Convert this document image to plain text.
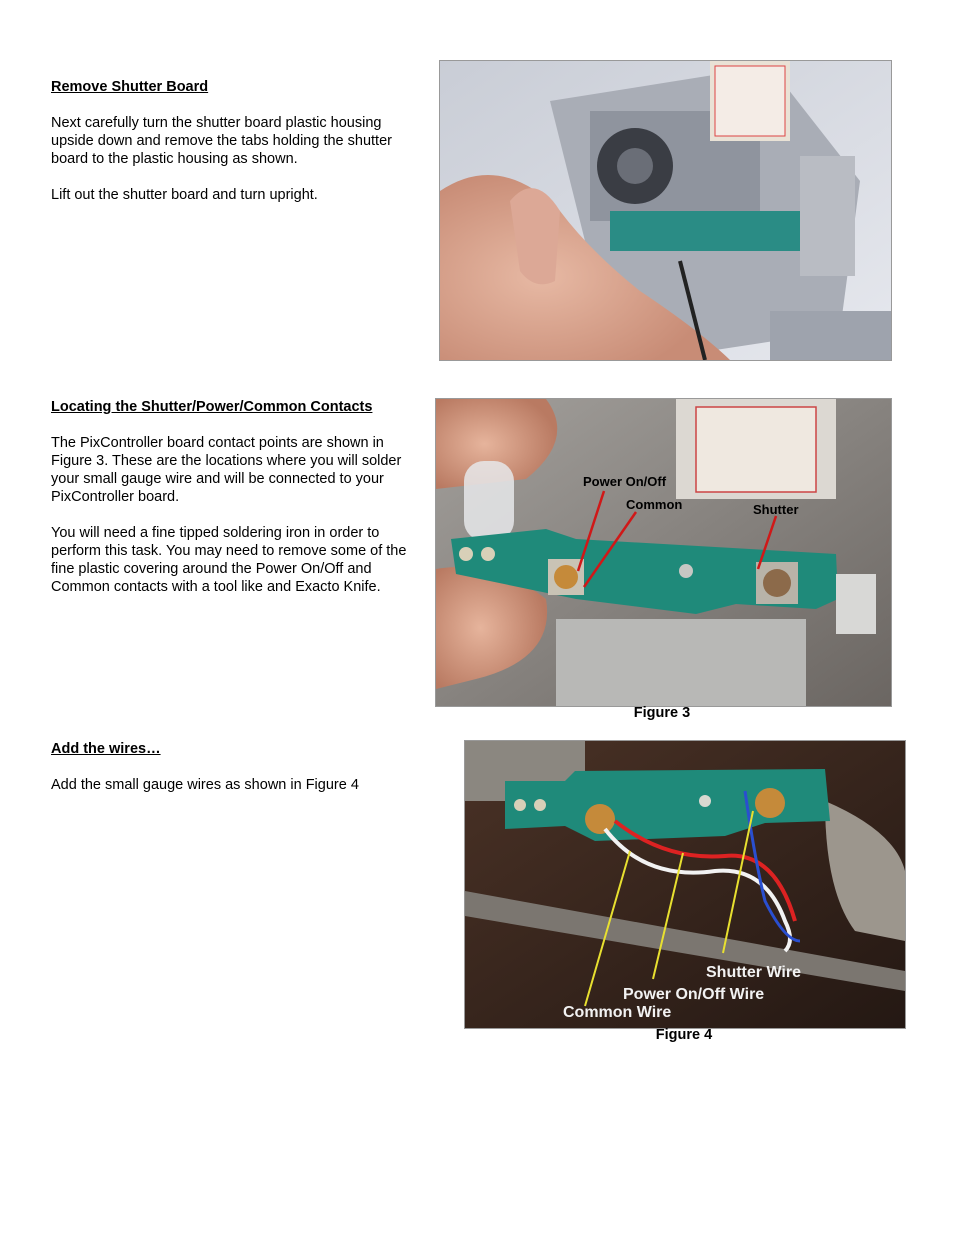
Remove Shutter Board

Next carefully turn the shutter board plastic housing upside down and remove the tabs holding the shutter board to the plastic housing as shown.

Lift out the shutter board and turn upright.

Locating the Shutter/Power/Common Contacts

The PixController board contact points are shown in Figure 3. These are the locations where you will solder your small gauge wire and will be connected to your PixController board.

You will need a fine tipped soldering iron in order to perform this task. You may need to remove some of the fine plastic covering around the Power On/Off and Common contacts with a tool like and Exacto Knife.

Power On/Off
Common	Shutter
Figure 3
Add the wires…

Add the small gauge wires as shown in Figure 4

Shutter Wire
Power On/Off Wire
Common Wire
Figure 4
